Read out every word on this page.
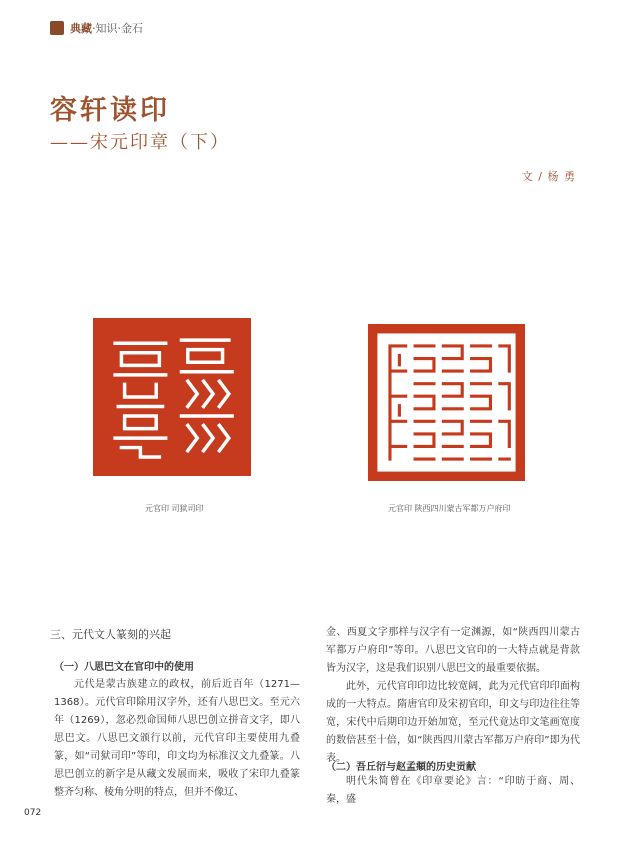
典藏·知识·金石
容轩读印
——宋元印章（下）
文 / 杨 勇
元官印 司狱司印	元官印 陕西四川蒙古军都万户府印
三、元代文人篆刻的兴起
（一）八思巴文在官印中的使用

元代是蒙古族建立的政权，前后近百年（1271—1368）。元代官印除用汉字外，还有八思巴文。至元六年（1269），忽必烈命国师八思巴创立拼音文字，即八思巴文。八思巴文颁行以前，元代官印主要使用九叠篆，如“司狱司印”等印，印文均为标准汉文九叠篆。八思巴创立的新字是从藏文发展而来，吸收了宋印九叠篆整齐匀称、棱角分明的特点，但并不像辽、

金、西夏文字那样与汉字有一定渊源，如“陕西四川蒙古军都万户府印”等印。八思巴文官印的一大特点就是背款皆为汉字，这是我们识别八思巴文的最重要依据。

此外，元代官印印边比较宽阔，此为元代官印印面构成的一大特点。隋唐官印及宋初官印，印文与印边往往等宽，宋代中后期印边开始加宽，至元代竟达印文笔画宽度的数倍甚至十倍，如“陕西四川蒙古军都万户府印”即为代表。

（二）吾丘衍与赵孟頫的历史贡献

明代朱简曾在《印章要论》言：“印昉于商、周、秦，盛

072
